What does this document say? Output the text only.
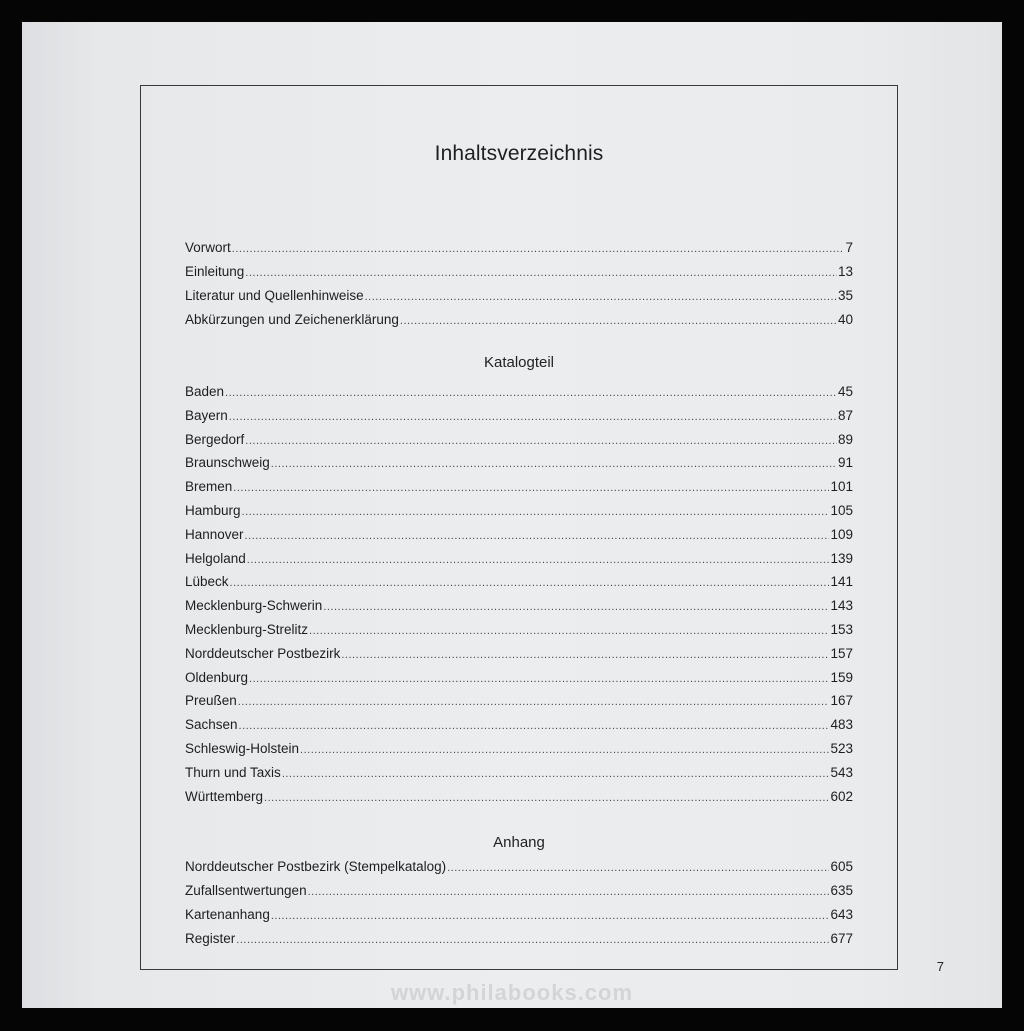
Inhaltsverzeichnis
Vorwort .....	7
Einleitung .....	13
Literatur und Quellenhinweise .....	35
Abkürzungen und Zeichenerklärung .....	40
Katalogteil
Baden .....	45
Bayern .....	87
Bergedorf .....	89
Braunschweig .....	91
Bremen .....	101
Hamburg .....	105
Hannover .....	109
Helgoland .....	139
Lübeck .....	141
Mecklenburg-Schwerin .....	143
Mecklenburg-Strelitz .....	153
Norddeutscher Postbezirk .....	157
Oldenburg .....	159
Preußen .....	167
Sachsen .....	483
Schleswig-Holstein .....	523
Thurn und Taxis .....	543
Württemberg .....	602
Anhang
Norddeutscher Postbezirk (Stempelkatalog) .....	605
Zufallsentwertungen .....	635
Kartenanhang .....	643
Register .....	677
7
www.philabooks.com
